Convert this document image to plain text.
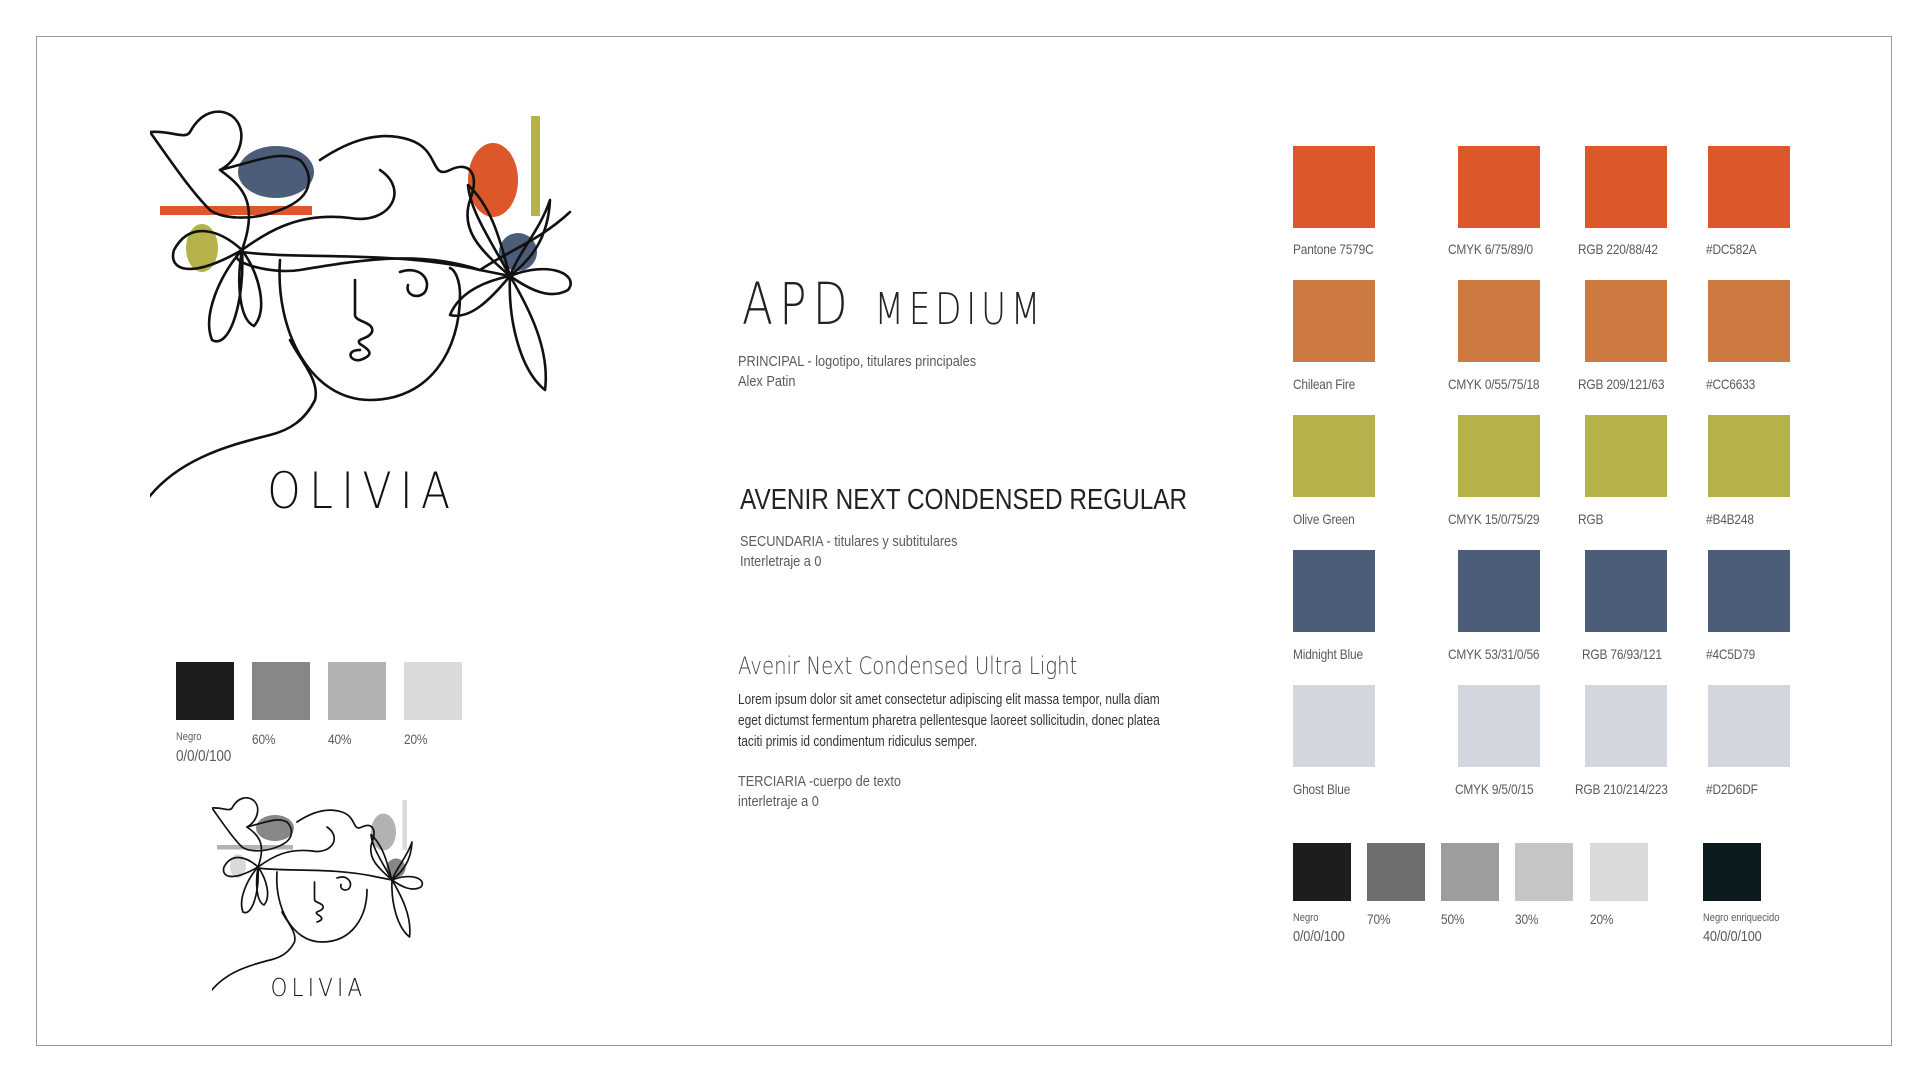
OLIVIA
Negro
0/0/0/100
60%	40%	20%
OLIVIA
APD MEDIUM
PRINCIPAL - logotipo, titulares principales
Alex Patin
AVENIR NEXT CONDENSED REGULAR
SECUNDARIA - titulares y subtitulares
Interletraje a 0
Avenir Next Condensed Ultra Light
Lorem ipsum dolor sit amet consectetur adipiscing elit massa tempor, nulla diam eget dictumst fermentum pharetra pellentesque laoreet sollicitudin, donec platea taciti primis id condimentum ridiculus semper.
TERCIARIA -cuerpo de texto
interletraje a 0
Pantone 7579C	CMYK 6/75/89/0	RGB 220/88/42	#DC582A
Chilean Fire	CMYK 0/55/75/18	RGB 209/121/63	#CC6633
Olive Green	CMYK 15/0/75/29	RGB	#B4B248
Midnight Blue	CMYK 53/31/0/56	RGB 76/93/121	#4C5D79
Ghost Blue	CMYK 9/5/0/15	RGB 210/214/223	#D2D6DF
Negro
0/0/0/100
70%	50%	30%	20%	Negro enriquecido
40/0/0/100
